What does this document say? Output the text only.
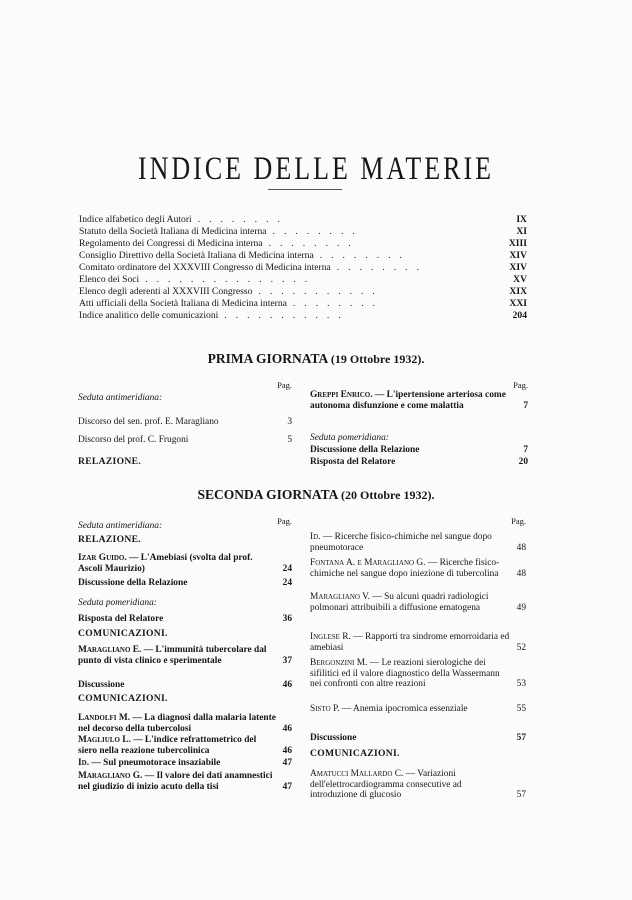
INDICE DELLE MATERIE
Indice alfabetico degli Autori ........	IX
Statuto della Società Italiana di Medicina interna ........	XI
Regolamento dei Congressi di Medicina interna ........	XIII
Consiglio Direttivo della Società Italiana di Medicina interna ........	XIV
Comitato ordinatore del XXXVIII Congresso di Medicina interna ........	XIV
Elenco dei Soci ...............	XV
Elenco degli aderenti al XXXVIII Congresso ...........	XIX
Atti ufficiali della Società Italiana di Medicina interna ........	XXI
Indice analitico delle comunicazioni ...........	204
PRIMA GIORNATA (19 Ottobre 1932).
Pag.
Seduta antimeridiana:
Discorso del sen. prof. E. Maragliano	3
Discorso del prof. C. Frugoni	5
RELAZIONE.
Pag.
Greppi Enrico. — L'ipertensione arteriosa come autonoma disfunzione e come malattia	7
Seduta pomeridiana:
Discussione della Relazione	7
Risposta del Relatore	20
SECONDA GIORNATA (20 Ottobre 1932).
Pag.
Seduta antimeridiana:
RELAZIONE.
Izar Guido. — L'Amebiasi (svolta dal prof. Ascoli Maurizio)	24
Discussione della Relazione	24
Seduta pomeridiana:
Risposta del Relatore	36
COMUNICAZIONI.
Maragliano E. — L'immunità tubercolare dal punto di vista clinico e sperimentale	37
Discussione	46
COMUNICAZIONI.
Landolfi M. — La diagnosi dalla malaria latente nel decorso della tubercolosi	46
Magliulo L. — L'indice refrattometrico del siero nella reazione tubercolinica	46
Id. — Sul pneumotorace insaziabile	47
Maragliano G. — Il valore dei dati anamnestici nel giudizio di inizio acuto della tisi	47
Pag.
Id. — Ricerche fisico-chimiche nel sangue dopo pneumotorace	48
Fontana A. e Maragliano G. — Ricerche fisico-chimiche nel sangue dopo iniezione di tubercolina	48
Maragliano V. — Su alcuni quadri radiologici polmonari attribuibili a diffusione ematogena	49
Inglese R. — Rapporti tra sindrome emorroidaria ed amebiasi	52
Bergonzini M. — Le reazioni sierologiche dei sifilitici ed il valore diagnostico della Wassermann nei confronti con altre reazioni	53
Sisto P. — Anemia ipocromica essenziale	55
Discussione	57
COMUNICAZIONI.
Amatucci Mallardo C. — Variazioni dell'elettrocardiogramma consecutive ad introduzione di glucosio	57
